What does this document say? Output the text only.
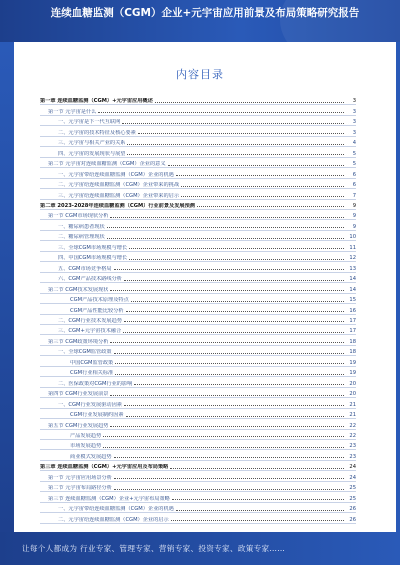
连续血糖监测（CGM）企业+元宇宙应用前景及布局策略研究报告
内容目录
第一章 连续血糖监测（CGM）+元宇宙应用概述	3
第一节 元宇宙是什么	3
一、元宇宙是下一代互联网	3
二、元宇宙的技术特征及核心要素	3
三、元宇宙与相关产业的关系	4
四、元宇宙的发展现状与展望	5
第二节 元宇宙对连续血糖监测（CGM）企业的意义	5
一、元宇宙带给连续血糖监测（CGM）企业的机遇	6
二、元宇宙给连续血糖监测（CGM）企业带来的挑战	6
三、元宇宙给连续血糖监测（CGM）企业带来的启示	7
第二章 2023-2028年连续血糖监测（CGM）行业前景及发展预测	9
第一节 CGM市场现状分析	9
一、糖尿病患者现状	9
二、糖尿病管理现状	10
三、全球CGM市场规模与增长	11
四、中国CGM市场规模与增长	12
五、CGM市场竞争格局	13
六、CGM产品技术路线分析	14
第二节 CGM技术发展现状	14
CGM产品技术原理及特点	15
CGM产品性能比较分析	16
二、CGM行业技术发展趋势	17
三、CGM+元宇宙技术融合	17
第三节 CGM政策环境分析	18
一、全球CGM监管政策	18
中国CGM监管政策	19
CGM行业相关标准	19
二、医保政策对CGM行业的影响	20
第四节 CGM行业发展前景	20
一、CGM行业发展驱动因素	21
CGM行业发展制约因素	21
第五节 CGM行业发展趋势	22
产品发展趋势	22
市场发展趋势	23
商业模式发展趋势	23
第三章 连续血糖监测（CGM）+元宇宙应用及布局策略	24
第一节 元宇宙应用场景分析	24
第二节 元宇宙布局路径分析	25
第三节 连续血糖监测（CGM）企业+元宇宙布局策略	25
一、元宇宙带给连续血糖监测（CGM）企业的机遇	26
二、元宇宙给连续血糖监测（CGM）企业的启示	26
让每个人都成为 行业专家、管理专家、营销专家、投资专家、政策专家……
